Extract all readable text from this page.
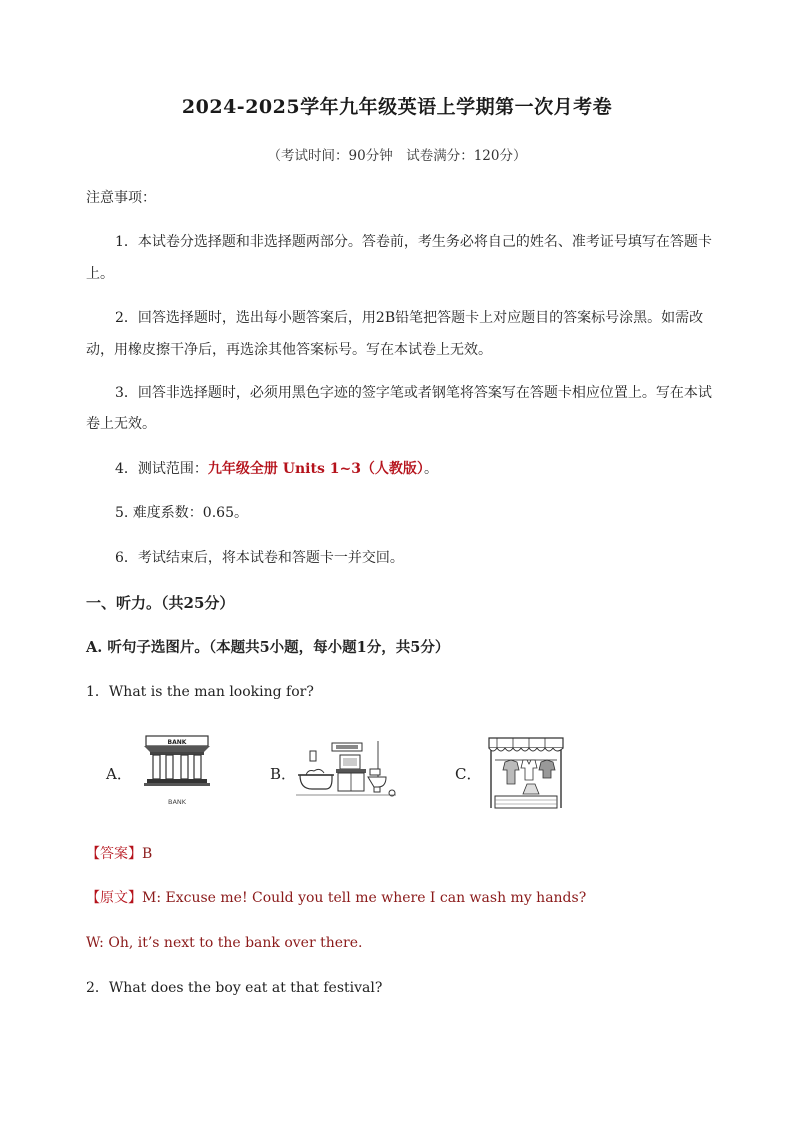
2024-2025学年九年级英语上学期第一次月考卷
（考试时间：90分钟　试卷满分：120分）
注意事项：
1．本试卷分选择题和非选择题两部分。答卷前，考生务必将自己的姓名、准考证号填写在答题卡
上。
2．回答选择题时，选出每小题答案后，用2B铅笔把答题卡上对应题目的答案标号涂黑。如需改
动，用橡皮擦干净后，再选涂其他答案标号。写在本试卷上无效。
3．回答非选择题时，必须用黑色字迹的签字笔或者钢笔将答案写在答题卡相应位置上。写在本试
卷上无效。
4．测试范围：九年级全册 Units 1~3（人教版）。
5. 难度系数：0.65。
6．考试结束后，将本试卷和答题卡一并交回。
一、听力。（共25分）
A. 听句子选图片。（本题共5小题，每小题1分，共5分）
1．What is the man looking for?
A．
BANK
BANK
B．	C．
【答案】B
【原文】M: Excuse me! Could you tell me where I can wash my hands?
W: Oh, it’s next to the bank over there.
2．What does the boy eat at that festival?
